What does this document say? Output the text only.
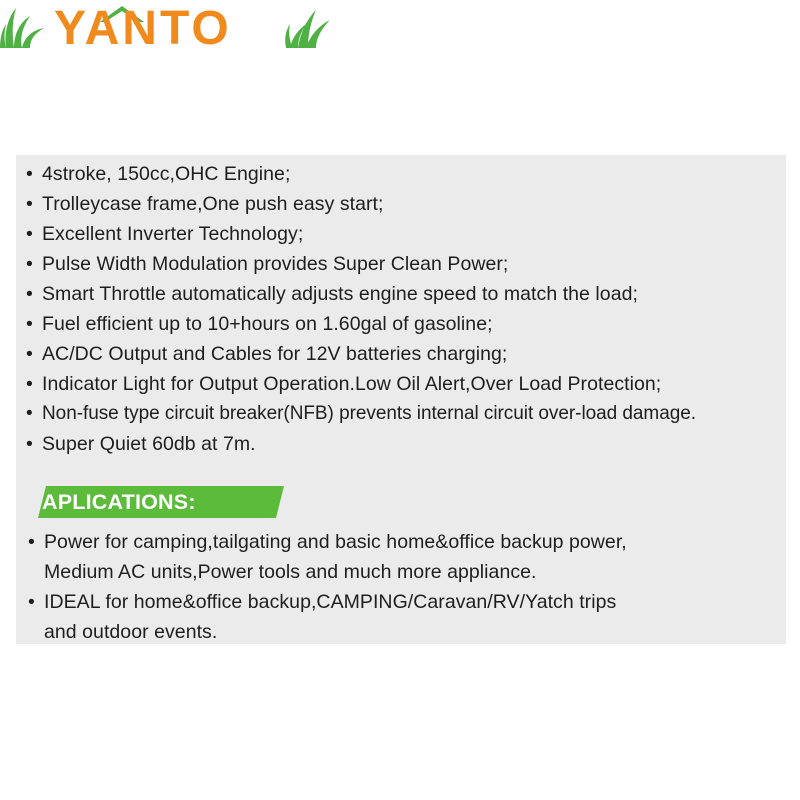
YANTO
• 4stroke, 150cc,OHC Engine;
• Trolleycase frame,One push easy start;
• Excellent Inverter Technology;
• Pulse Width Modulation provides Super Clean Power;
• Smart Throttle automatically adjusts engine speed to match the load;
• Fuel efficient up to 10+hours on 1.60gal of gasoline;
• AC/DC Output and Cables for 12V batteries charging;
• Indicator Light for Output Operation.Low Oil Alert,Over Load Protection;
• Non-fuse type circuit breaker(NFB) prevents internal circuit over-load damage.
• Super Quiet 60db at 7m.
APLICATIONS:
• Power for camping,tailgating and basic home&office backup power,
Medium AC units,Power tools and much more appliance.
• IDEAL for home&office backup,CAMPING/Caravan/RV/Yatch trips
and outdoor events.
